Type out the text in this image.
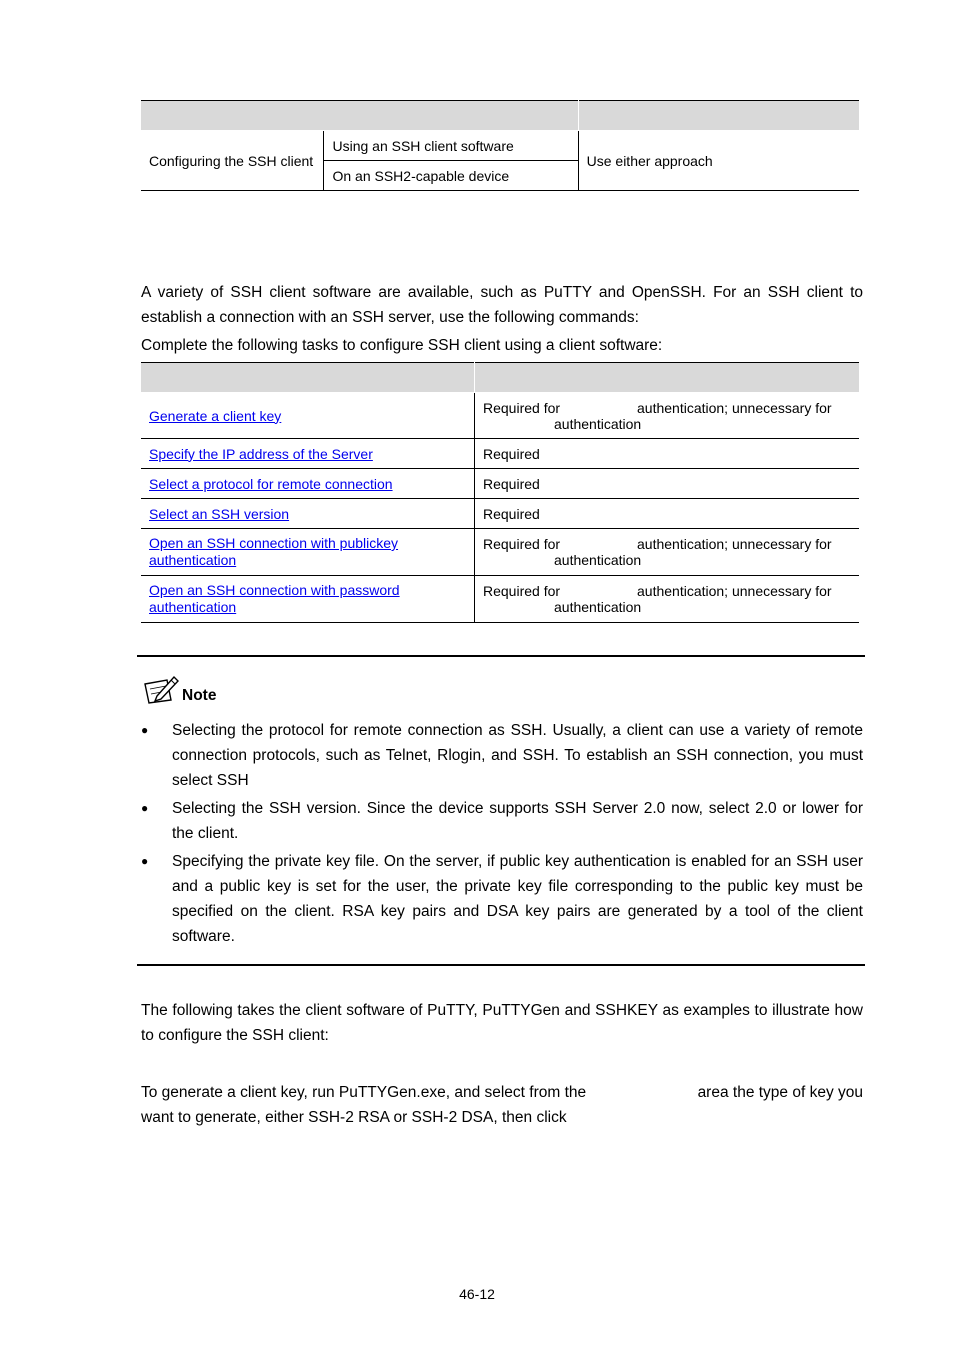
Configuring the SSH client	Using an SSH client software	Use either approach
	On an SSH2-capable device	
A variety of SSH client software are available, such as PuTTY and OpenSSH. For an SSH client to establish a connection with an SSH server, use the following commands:
Complete the following tasks to configure SSH client using a client software:

Generate a client key	Required for authentication; unnecessary for
authentication
Specify the IP address of the Server	Required
Select a protocol for remote connection	Required
Select an SSH version	Required
Open an SSH connection with publickey authentication	Required for authentication; unnecessary for
authentication
Open an SSH connection with password authentication	Required for authentication; unnecessary for
authentication
Note
● Selecting the protocol for remote connection as SSH. Usually, a client can use a variety of remote connection protocols, such as Telnet, Rlogin, and SSH. To establish an SSH connection, you must select SSH
● Selecting the SSH version. Since the device supports SSH Server 2.0 now, select 2.0 or lower for the client.
● Specifying the private key file. On the server, if public key authentication is enabled for an SSH user and a public key is set for the user, the private key file corresponding to the public key must be specified on the client. RSA key pairs and DSA key pairs are generated by a tool of the client software.
The following takes the client software of PuTTY, PuTTYGen and SSHKEY as examples to illustrate how to configure the SSH client:
To generate a client key, run PuTTYGen.exe, and select from the	area the type of key you
want to generate, either SSH-2 RSA or SSH-2 DSA, then click
46-12
